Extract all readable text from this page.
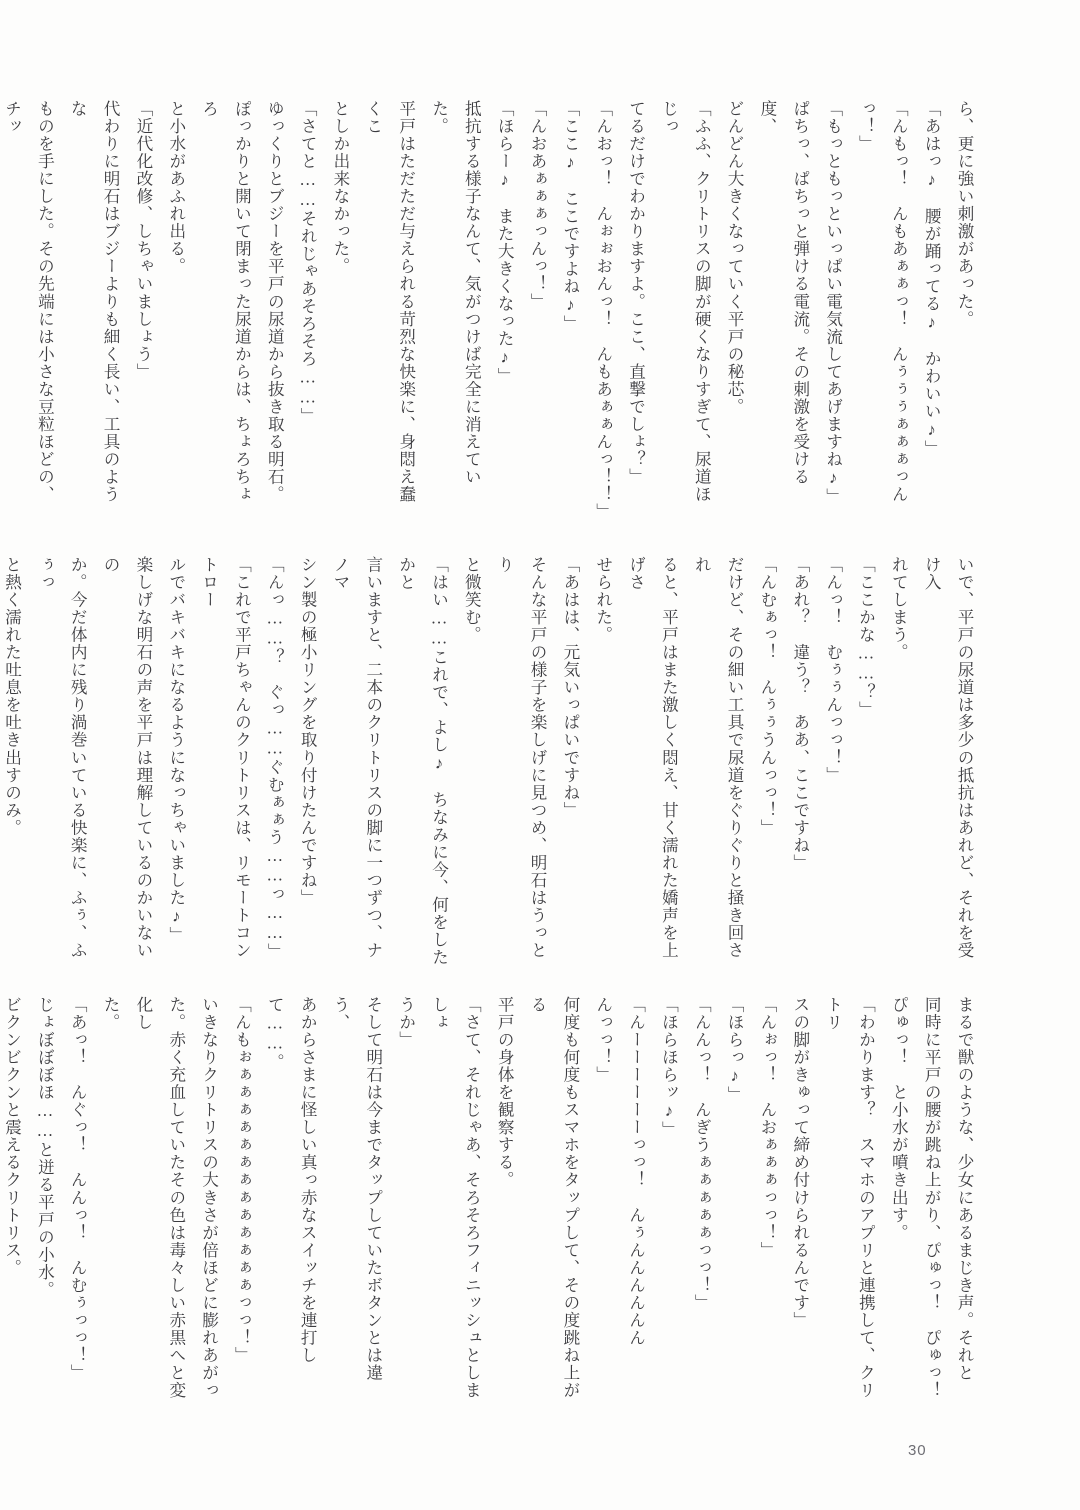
ら、更に強い刺激があった。

「あはっ♪　腰が踊ってる♪　かわいい♪」

「んもっ！　んもあぁぁっ！　んぅぅぅぁぁぁっんっ！」

「もっともっといっぱい電気流してあげますね♪」

ぱちっ、ぱちっと弾ける電流。その刺激を受ける度、

どんどん大きくなっていく平戸の秘芯。

「ふふ、クリトリスの脚が硬くなりすぎて、尿道ほじっ

てるだけでわかりますよ。ここ、直撃でしょ？」

「んおっ！　んぉぉおんっ！　んもあぁぁんっ！！」

「ここ♪　ここですよね♪」

「んおあぁぁぁっんっ！」

「ほらー♪　また大きくなった♪」

抵抗する様子なんて、気がつけば完全に消えていた。

平戸はただただ与えられる苛烈な快楽に、身悶え蠢くこ

としか出来なかった。

「さてと……それじゃあそろそろ……」

ゆっくりとブジーを平戸の尿道から抜き取る明石。

ぽっかりと開いて閉まった尿道からは、ちょろちょろ

と小水があふれ出る。

「近代化改修、しちゃいましょう」

代わりに明石はブジーよりも細く長い、工具のような

ものを手にした。その先端には小さな豆粒ほどの、チッ

いで、平戸の尿道は多少の抵抗はあれど、それを受け入

れてしまう。

「ここかな……？」

「んっ！　むぅぅんっっ！」

「あれ？　違う？　ああ、ここですね」

「んむぁっ！　んぅぅうんっっ！」

だけど、その細い工具で尿道をぐりぐりと掻き回され

ると、平戸はまた激しく悶え、甘く濡れた嬌声を上げさ

せられた。

「あはは、元気いっぱいですね」

そんな平戸の様子を楽しげに見つめ、明石はうっとり

と微笑む。

「はい……これで、よし♪　ちなみに今、何をしたかと

言いますと、二本のクリトリスの脚に一つずつ、ナノマ

シン製の極小リングを取り付けたんですね」

「んっ……？　ぐっ……ぐむぁぁう……っ……」

「これで平戸ちゃんのクリトリスは、リモートコントロー

ルでバキバキになるようになっちゃいました♪」

楽しげな明石の声を平戸は理解しているのかいないの

か。今だ体内に残り渦巻いている快楽に、ふぅ、ふぅっ

と熱く濡れた吐息を吐き出すのみ。

まるで獣のような、少女にあるまじき声。それと

同時に平戸の腰が跳ね上がり、ぴゅっ！　ぴゅっ！

ぴゅっ！　と小水が噴き出す。

「わかります？　スマホのアプリと連携して、クリトリ

スの脚がきゅって締め付けられるんです」

「んぉっ！　んおぁぁぁっっ！」

「ほらっ♪」

「んんっ！　んぎうぁぁぁぁぁっっ！」

「ほらほらッ♪」

「んーーーーーーっっ！　んぅんんんんんん

んっっ！」

何度も何度もスマホをタップして、その度跳ね上がる

平戸の身体を観察する。

「さて、それじゃあ、そろそろフィニッシュとしましょ

うか」

そして明石は今までタップしていたボタンとは違う、

あからさまに怪しい真っ赤なスイッチを連打して……。

「んもぉぁぁぁぁぁぁぁぁぁぁぁぁぁっっ！」

いきなりクリトリスの大きさが倍ほどに膨れあがっ

た。赤く充血していたその色は毒々しい赤黒へと変化し

た。

「あっ！　んぐっ！　んんっ！　んむぅっっ！」

じょぼぼぼほ……と迸る平戸の小水。

ビクンビクンと震えるクリトリス。

30
